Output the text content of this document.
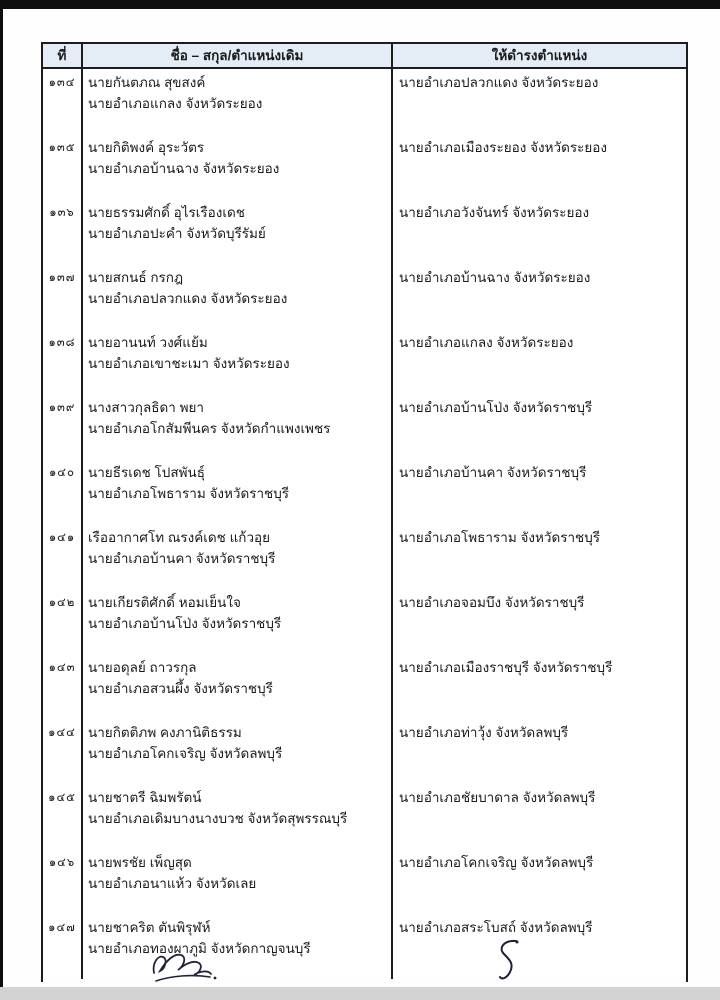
ที่	ชื่อ – สกุล/ตำแหน่งเดิม	ให้ดำรงตำแหน่ง
๑๓๔ นายกันตภณ สุขสงค์
นายอำเภอแกลง จังหวัดระยอง
นายอำเภอปลวกแดง จังหวัดระยอง
๑๓๕ นายกิติพงค์ อุระวัตร
นายอำเภอบ้านฉาง จังหวัดระยอง
นายอำเภอเมืองระยอง จังหวัดระยอง
๑๓๖ นายธรรมศักดิ์ อุไรเรืองเดช
นายอำเภอปะคำ จังหวัดบุรีรัมย์
นายอำเภอวังจันทร์ จังหวัดระยอง
๑๓๗ นายสกนธ์ กรกฎ
นายอำเภอปลวกแดง จังหวัดระยอง
นายอำเภอบ้านฉาง จังหวัดระยอง
๑๓๘ นายอานนท์ วงศ์แย้ม
นายอำเภอเขาชะเมา จังหวัดระยอง
นายอำเภอแกลง จังหวัดระยอง
๑๓๙ นางสาวกุลธิดา พยา
นายอำเภอโกสัมพีนคร จังหวัดกำแพงเพชร
นายอำเภอบ้านโป่ง จังหวัดราชบุรี
๑๔๐ นายธีรเดช โปสพันธุ์
นายอำเภอโพธาราม จังหวัดราชบุรี
นายอำเภอบ้านคา จังหวัดราชบุรี
๑๔๑ เรืออากาศโท ณรงค์เดช แก้วอุย
นายอำเภอบ้านคา จังหวัดราชบุรี
นายอำเภอโพธาราม จังหวัดราชบุรี
๑๔๒ นายเกียรติศักดิ์ หอมเย็นใจ
นายอำเภอบ้านโป่ง จังหวัดราชบุรี
นายอำเภอจอมบึง จังหวัดราชบุรี
๑๔๓ นายอดุลย์ ถาวรกุล
นายอำเภอสวนผึ้ง จังหวัดราชบุรี
นายอำเภอเมืองราชบุรี จังหวัดราชบุรี
๑๔๔ นายกิตติภพ คงภานิติธรรม
นายอำเภอโคกเจริญ จังหวัดลพบุรี
นายอำเภอท่าวุ้ง จังหวัดลพบุรี
๑๔๕ นายชาตรี ฉิมพรัตน์
นายอำเภอเดิมบางนางบวช จังหวัดสุพรรณบุรี
นายอำเภอชัยบาดาล จังหวัดลพบุรี
๑๔๖ นายพรชัย เพ็ญสุด
นายอำเภอนาแห้ว จังหวัดเลย
นายอำเภอโคกเจริญ จังหวัดลพบุรี
๑๔๗ นายชาคริต ตันพิรุฬห์
นายอำเภอทองผาภูมิ จังหวัดกาญจนบุรี
นายอำเภอสระโบสถ์ จังหวัดลพบุรี
